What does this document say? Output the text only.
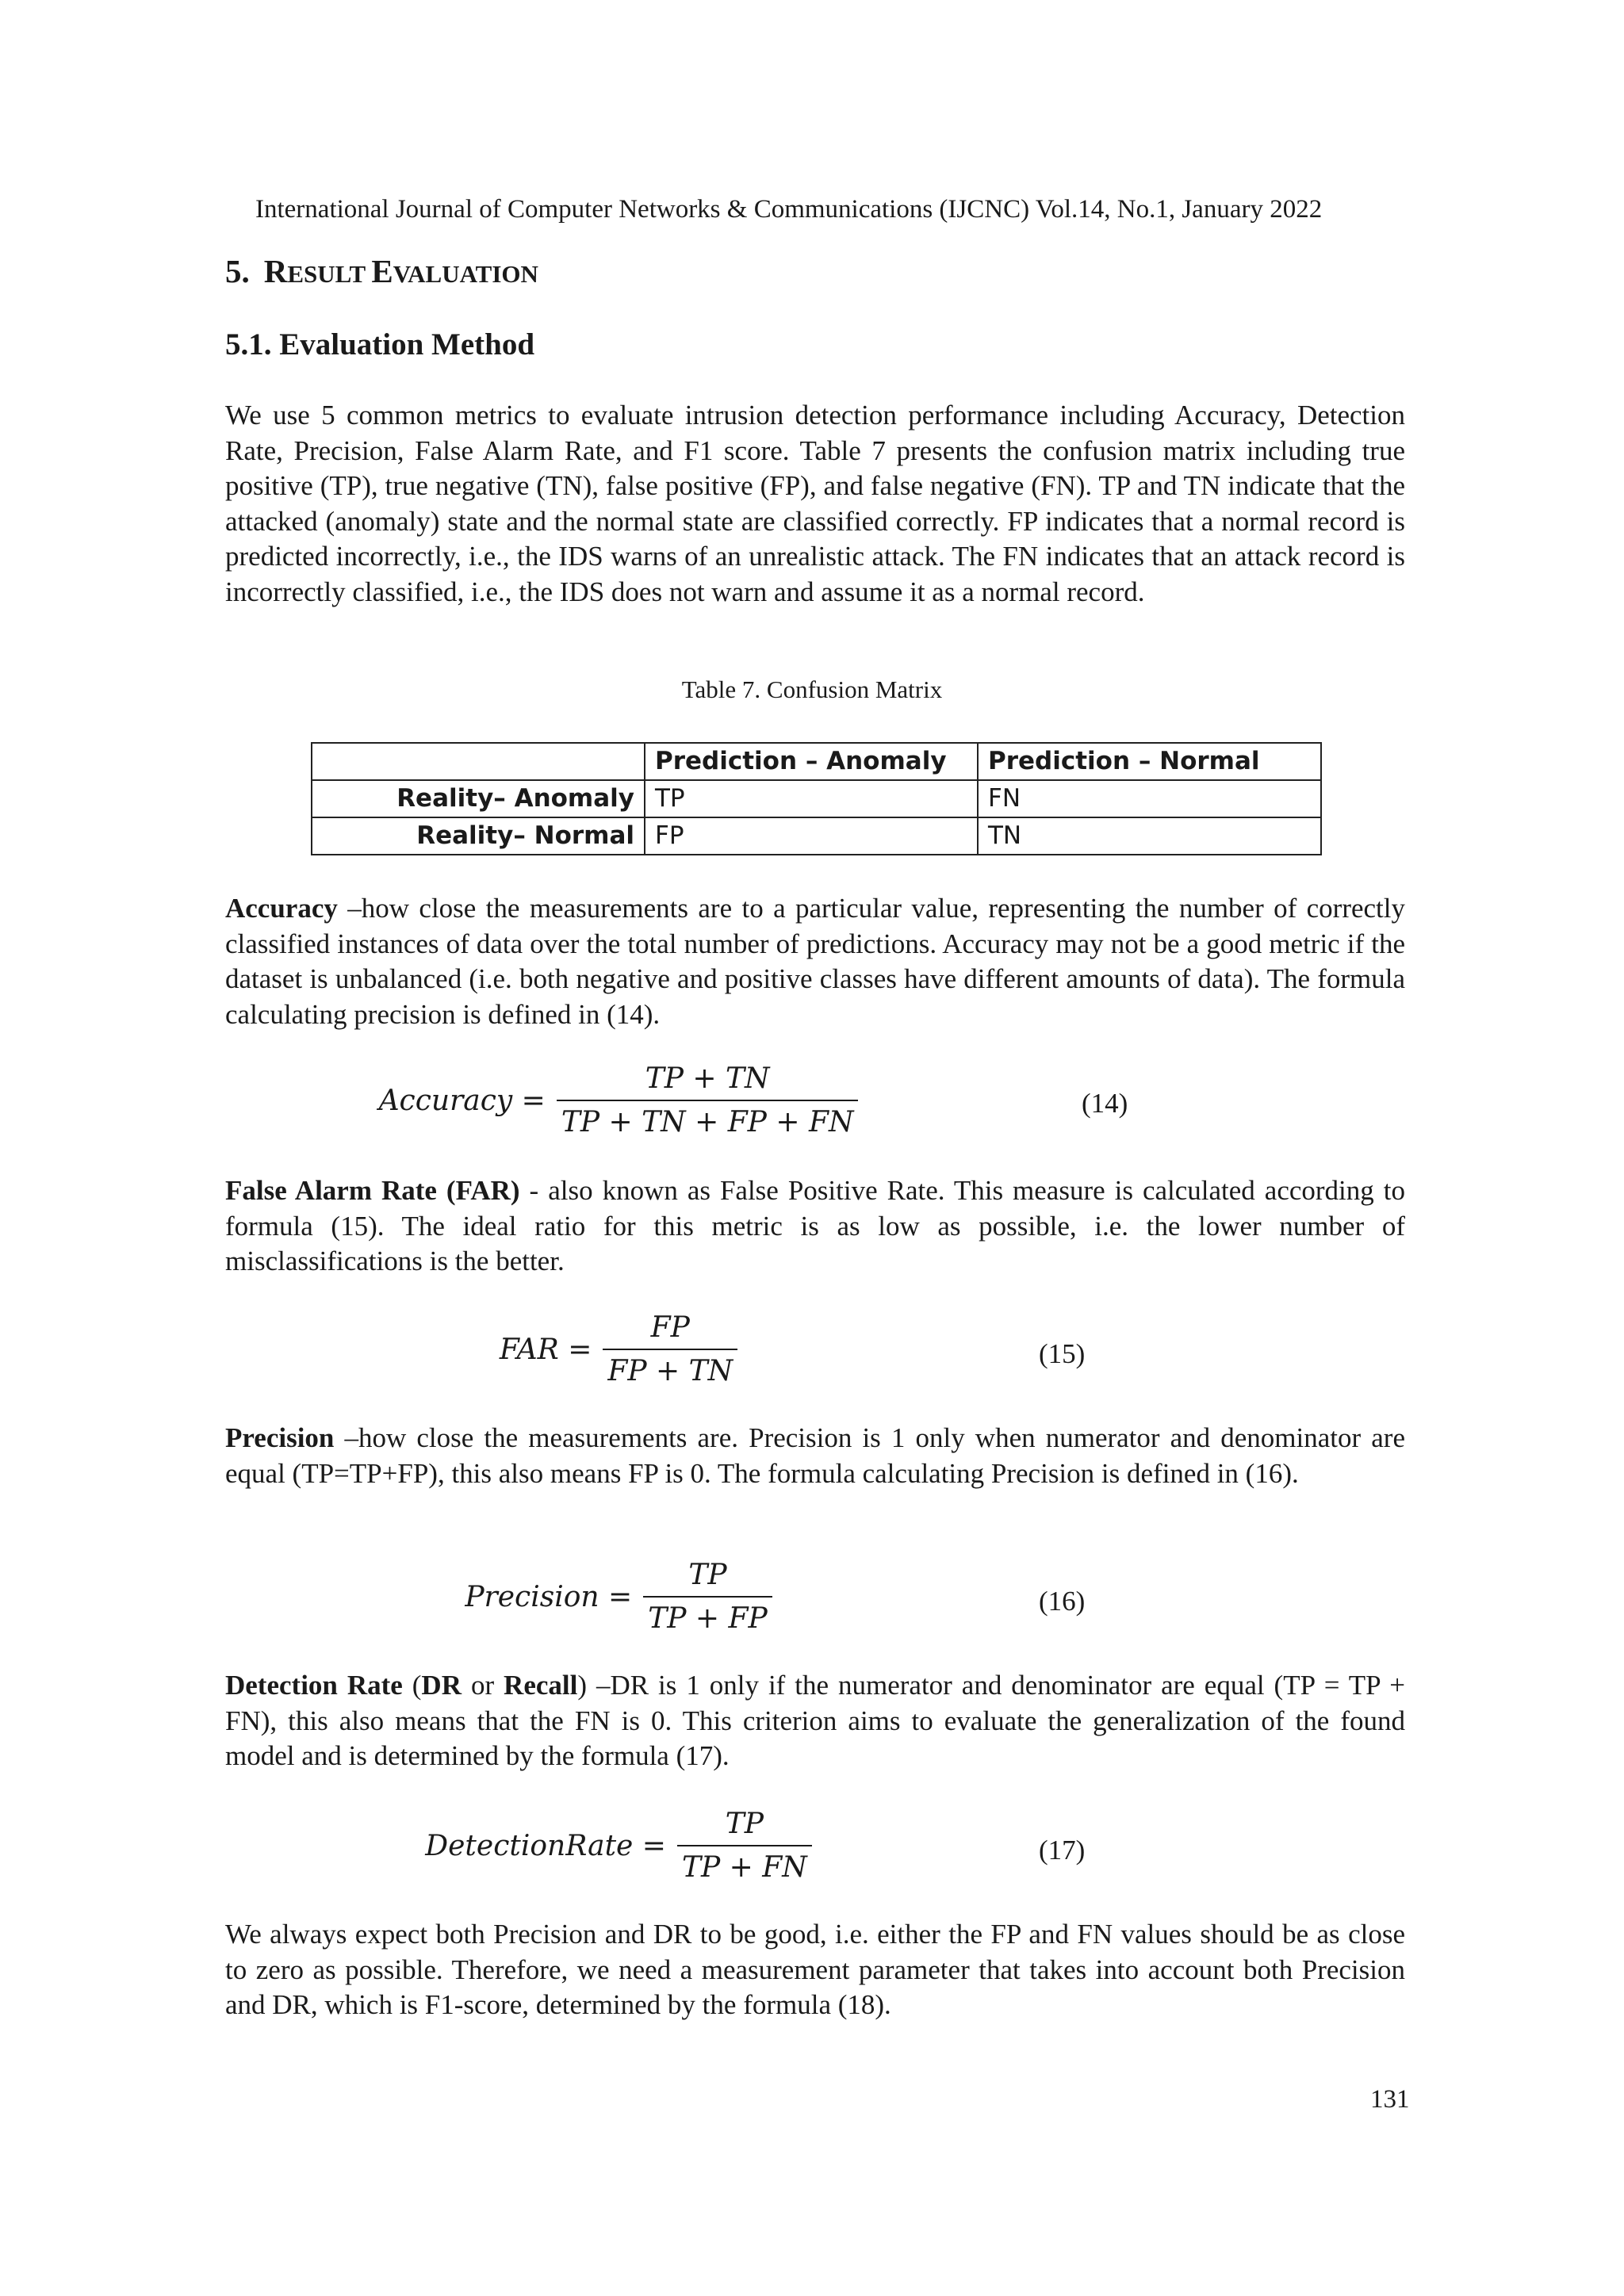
International Journal of Computer Networks & Communications (IJCNC) Vol.14, No.1, January 2022
5. RESULT EVALUATION
5.1. Evaluation Method

We use 5 common metrics to evaluate intrusion detection performance including Accuracy, Detection Rate, Precision, False Alarm Rate, and F1 score. Table 7 presents the confusion matrix including true positive (TP), true negative (TN), false positive (FP), and false negative (FN). TP and TN indicate that the attacked (anomaly) state and the normal state are classified correctly. FP indicates that a normal record is predicted incorrectly, i.e., the IDS warns of an unrealistic attack. The FN indicates that an attack record is incorrectly classified, i.e., the IDS does not warn and assume it as a normal record.

Table 7. Confusion Matrix
	Prediction – Anomaly	Prediction – Normal
Reality– Anomaly	TP	FN
Reality– Normal	FP	TN

Accuracy –how close the measurements are to a particular value, representing the number of correctly classified instances of data over the total number of predictions. Accuracy may not be a good metric if the dataset is unbalanced (i.e. both negative and positive classes have different amounts of data). The formula calculating precision is defined in (14).

Accuracy = $\frac{TP + TN}{TP + TN + FP + FN}$	(14)

False Alarm Rate (FAR) - also known as False Positive Rate. This measure is calculated according to formula (15). The ideal ratio for this metric is as low as possible, i.e. the lower number of misclassifications is the better.

FAR = $\frac{FP}{FP + TN}$	(15)

Precision –how close the measurements are. Precision is 1 only when numerator and denominator are equal (TP=TP+FP), this also means FP is 0. The formula calculating Precision is defined in (16).

Precision = $\frac{TP}{TP + FP}$	(16)

Detection Rate (DR or Recall) –DR is 1 only if the numerator and denominator are equal (TP = TP + FN), this also means that the FN is 0. This criterion aims to evaluate the generalization of the found model and is determined by the formula (17).

DetectionRate = $\frac{TP}{TP + FN}$	(17)

We always expect both Precision and DR to be good, i.e. either the FP and FN values should be as close to zero as possible. Therefore, we need a measurement parameter that takes into account both Precision and DR, which is F1-score, determined by the formula (18).

131
